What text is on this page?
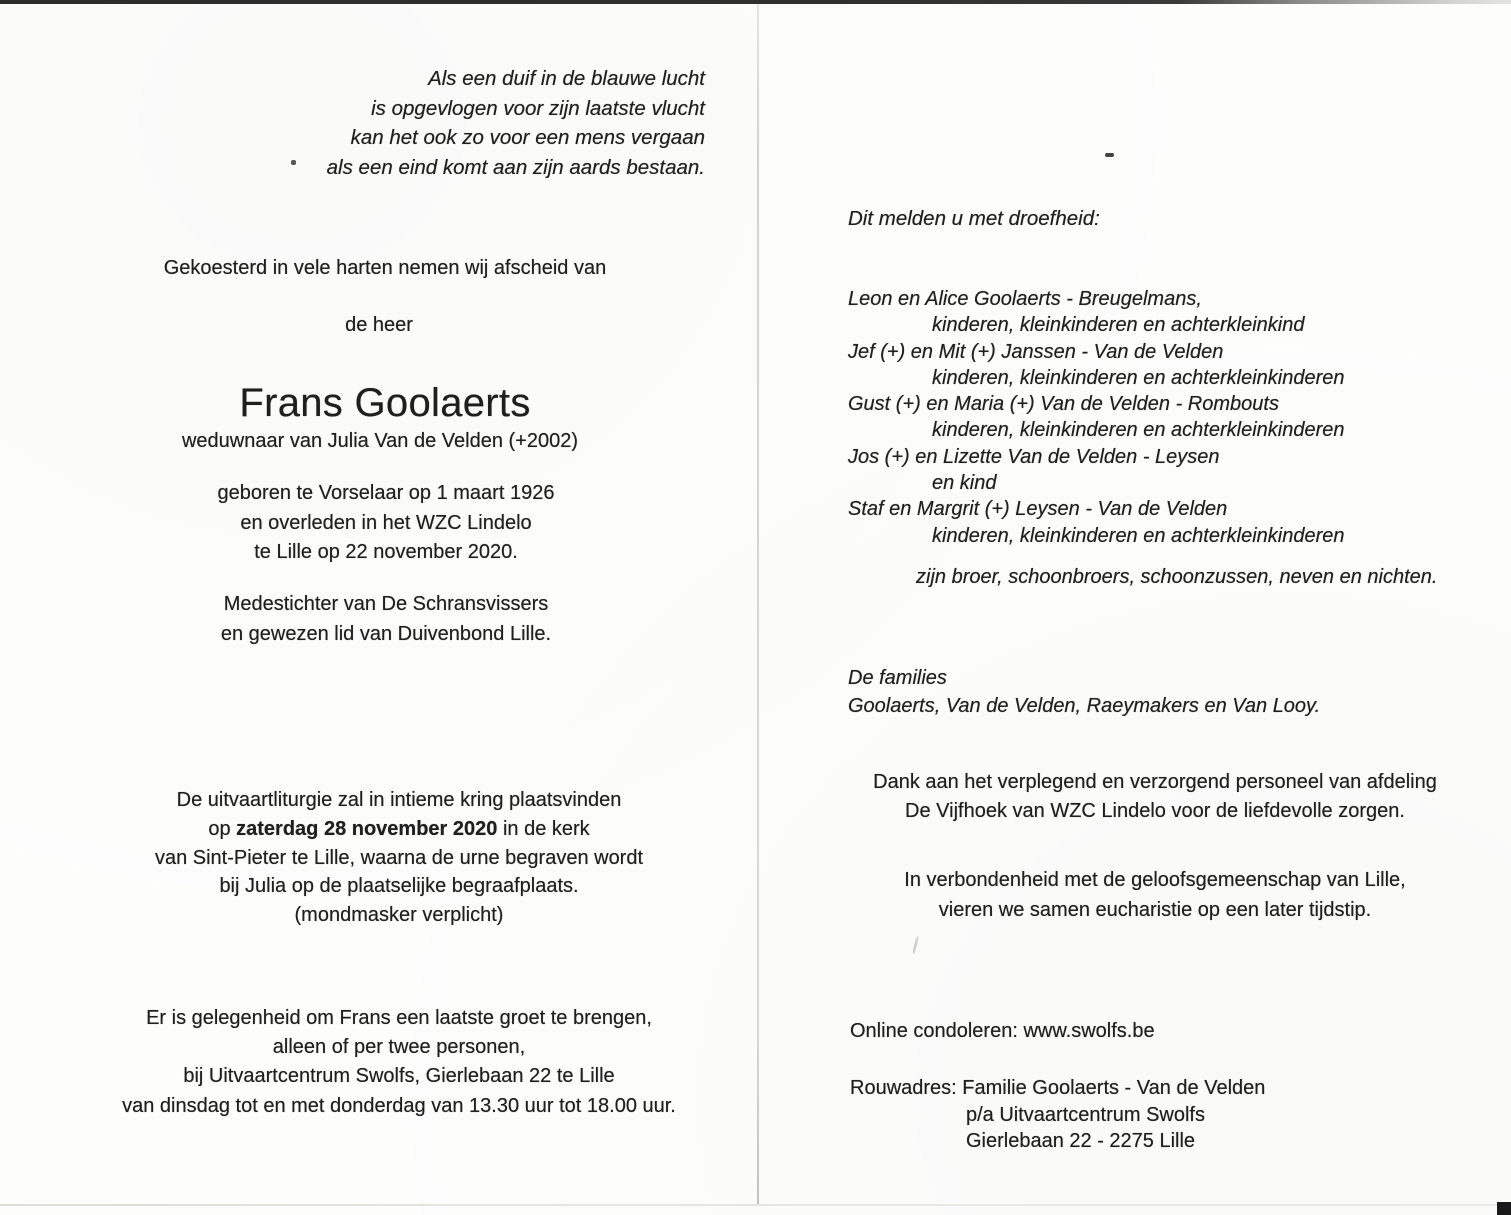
Als een duif in de blauwe lucht
is opgevlogen voor zijn laatste vlucht
kan het ook zo voor een mens vergaan
als een eind komt aan zijn aards bestaan.
Gekoesterd in vele harten nemen wij afscheid van
de heer
Frans Goolaerts
weduwnaar van Julia Van de Velden (+2002)
geboren te Vorselaar op 1 maart 1926
en overleden in het WZC Lindelo
te Lille op 22 november 2020.
Medestichter van De Schransvissers
en gewezen lid van Duivenbond Lille.
De uitvaartliturgie zal in intieme kring plaatsvinden
op zaterdag 28 november 2020 in de kerk
van Sint-Pieter te Lille, waarna de urne begraven wordt
bij Julia op de plaatselijke begraafplaats.
(mondmasker verplicht)
Er is gelegenheid om Frans een laatste groet te brengen,
alleen of per twee personen,
bij Uitvaartcentrum Swolfs, Gierlebaan 22 te Lille
van dinsdag tot en met donderdag van 13.30 uur tot 18.00 uur.
Dit melden u met droefheid:
Leon en Alice Goolaerts - Breugelmans,
kinderen, kleinkinderen en achterkleinkind
Jef (+) en Mit (+) Janssen - Van de Velden
kinderen, kleinkinderen en achterkleinkinderen
Gust (+) en Maria (+) Van de Velden - Rombouts
kinderen, kleinkinderen en achterkleinkinderen
Jos (+) en Lizette Van de Velden - Leysen
en kind
Staf en Margrit (+) Leysen - Van de Velden
kinderen, kleinkinderen en achterkleinkinderen
zijn broer, schoonbroers, schoonzussen, neven en nichten.
De families
Goolaerts, Van de Velden, Raeymakers en Van Looy.
Dank aan het verplegend en verzorgend personeel van afdeling
De Vijfhoek van WZC Lindelo voor de liefdevolle zorgen.
In verbondenheid met de geloofsgemeenschap van Lille,
vieren we samen eucharistie op een later tijdstip.
Online condoleren: www.swolfs.be
Rouwadres: Familie Goolaerts - Van de Velden
p/a Uitvaartcentrum Swolfs
Gierlebaan 22 - 2275 Lille
